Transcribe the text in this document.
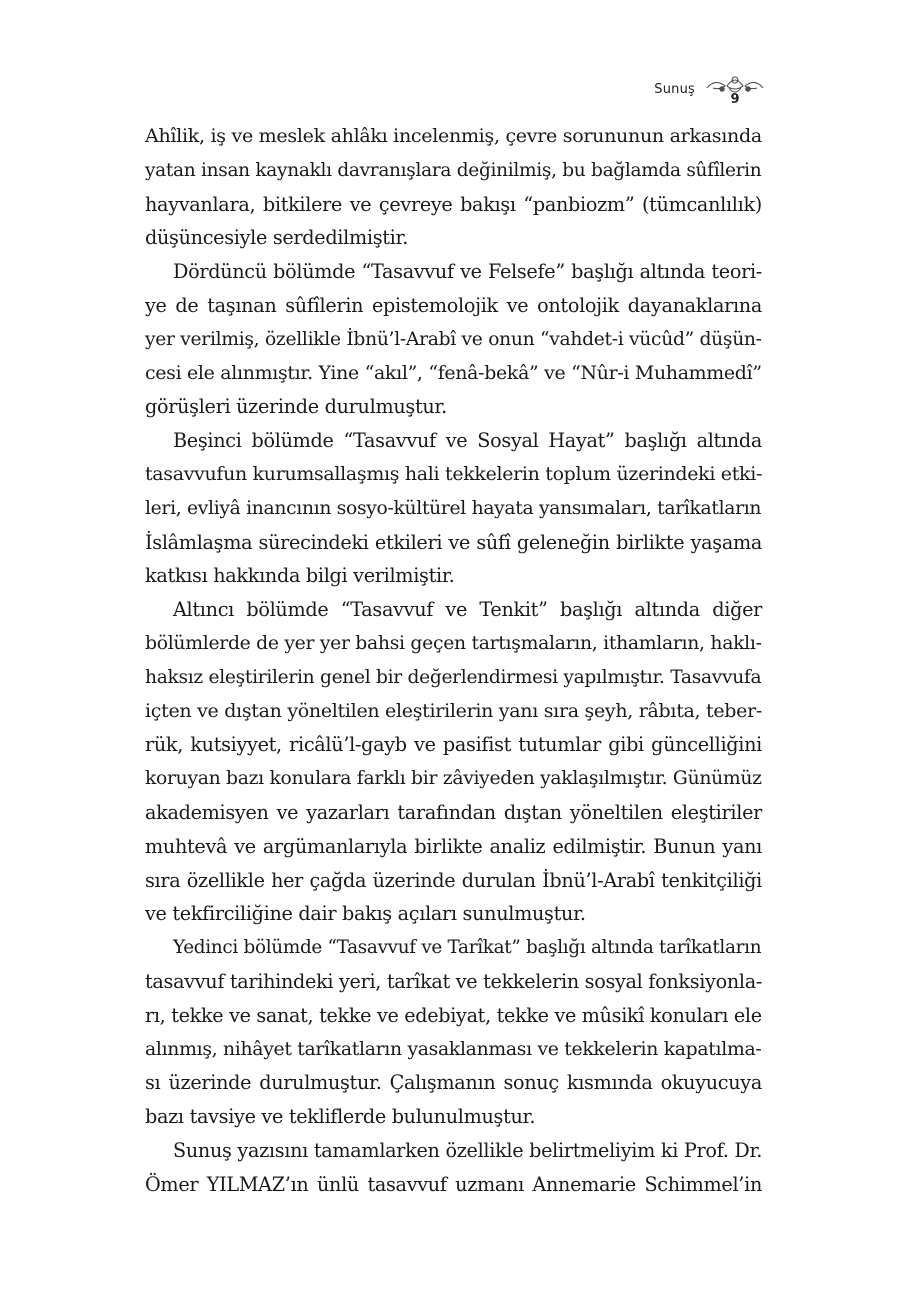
Sunuş
9

Ahîlik, iş ve meslek ahlâkı incelenmiş, çevre sorununun arkasında
yatan insan kaynaklı davranışlara değinilmiş, bu bağlamda sûfîlerin
hayvanlara, bitkilere ve çevreye bakışı “panbiozm” (tümcanlılık)
düşüncesiyle serdedilmiştir.

Dördüncü bölümde “Tasavvuf ve Felsefe” başlığı altında teori-
ye de taşınan sûfîlerin epistemolojik ve ontolojik dayanaklarına
yer verilmiş, özellikle İbnü’l-Arabî ve onun “vahdet-i vücûd” düşün-
cesi ele alınmıştır. Yine “akıl”, “fenâ-bekâ” ve “Nûr-i Muhammedî”
görüşleri üzerinde durulmuştur.

Beşinci bölümde “Tasavvuf ve Sosyal Hayat” başlığı altında
tasavvufun kurumsallaşmış hali tekkelerin toplum üzerindeki etki-
leri, evliyâ inancının sosyo-kültürel hayata yansımaları, tarîkatların
İslâmlaşma sürecindeki etkileri ve sûfî geleneğin birlikte yaşama
katkısı hakkında bilgi verilmiştir.

Altıncı bölümde “Tasavvuf ve Tenkit” başlığı altında diğer
bölümlerde de yer yer bahsi geçen tartışmaların, ithamların, haklı-
haksız eleştirilerin genel bir değerlendirmesi yapılmıştır. Tasavvufa
içten ve dıştan yöneltilen eleştirilerin yanı sıra şeyh, râbıta, teber-
rük, kutsiyyet, ricâlü’l-gayb ve pasifist tutumlar gibi güncelliğini
koruyan bazı konulara farklı bir zâviyeden yaklaşılmıştır. Günümüz
akademisyen ve yazarları tarafından dıştan yöneltilen eleştiriler
muhtevâ ve argümanlarıyla birlikte analiz edilmiştir. Bunun yanı
sıra özellikle her çağda üzerinde durulan İbnü’l-Arabî tenkitçiliği
ve tekfirciliğine dair bakış açıları sunulmuştur.

Yedinci bölümde “Tasavvuf ve Tarîkat” başlığı altında tarîkatların
tasavvuf tarihindeki yeri, tarîkat ve tekkelerin sosyal fonksiyonla-
rı, tekke ve sanat, tekke ve edebiyat, tekke ve mûsikî konuları ele
alınmış, nihâyet tarîkatların yasaklanması ve tekkelerin kapatılma-
sı üzerinde durulmuştur. Çalışmanın sonuç kısmında okuyucuya
bazı tavsiye ve tekliflerde bulunulmuştur.

Sunuş yazısını tamamlarken özellikle belirtmeliyim ki Prof. Dr.
Ömer YILMAZ’ın ünlü tasavvuf uzmanı Annemarie Schimmel’in
